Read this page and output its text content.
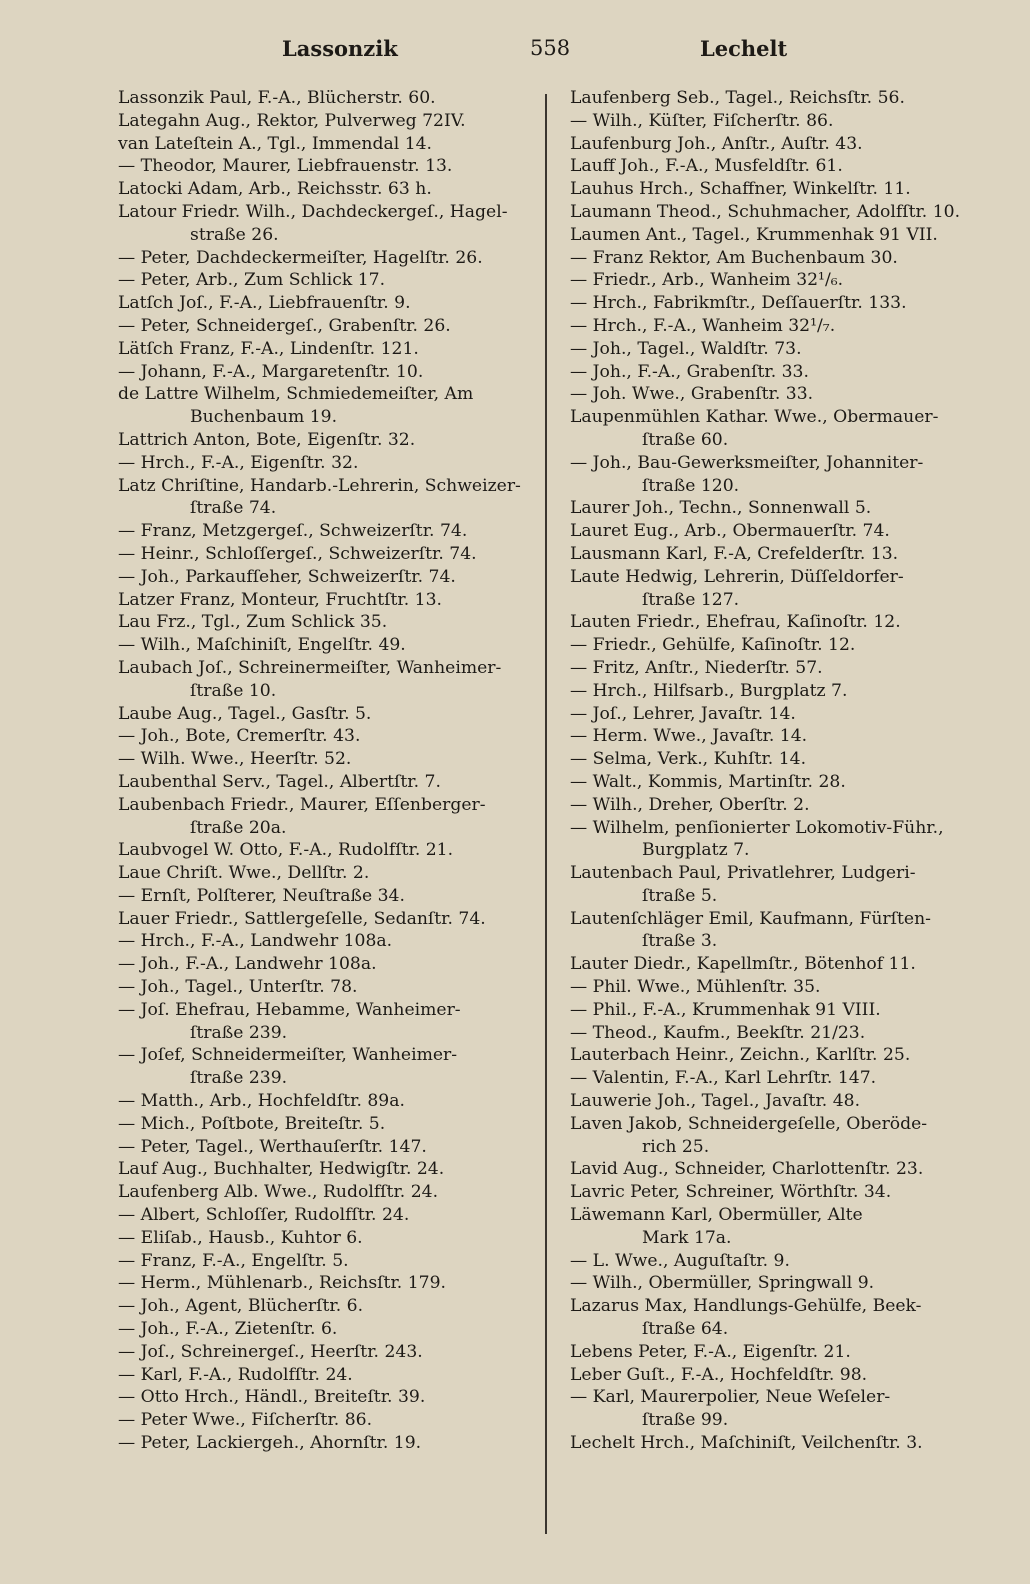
Lassonzik	558	Lechelt

Lassonzik Paul, F.-A., Blücherstr. 60.

Lategahn Aug., Rektor, Pulverweg 72IV.

van Lateſtein A., Tgl., Immendal 14.

— Theodor, Maurer, Liebfrauenstr. 13.

Latocki Adam, Arb., Reichsstr. 63 h.

Latour Friedr. Wilh., Dachdeckergeſ., Hagel-

straße 26.

— Peter, Dachdeckermeiſter, Hagelſtr. 26.

— Peter, Arb., Zum Schlick 17.

Latſch Joſ., F.-A., Liebfrauenſtr. 9.

— Peter, Schneidergeſ., Grabenſtr. 26.

Lätſch Franz, F.-A., Lindenſtr. 121.

— Johann, F.-A., Margaretenſtr. 10.

de Lattre Wilhelm, Schmiedemeiſter, Am

Buchenbaum 19.

Lattrich Anton, Bote, Eigenſtr. 32.

— Hrch., F.-A., Eigenſtr. 32.

Latz Chriſtine, Handarb.-Lehrerin, Schweizer-

ſtraße 74.

— Franz, Metzgergeſ., Schweizerſtr. 74.

— Heinr., Schloſſergeſ., Schweizerſtr. 74.

— Joh., Parkaufſeher, Schweizerſtr. 74.

Latzer Franz, Monteur, Fruchtſtr. 13.

Lau Frz., Tgl., Zum Schlick 35.

— Wilh., Maſchiniſt, Engelſtr. 49.

Laubach Joſ., Schreinermeiſter, Wanheimer-

ſtraße 10.

Laube Aug., Tagel., Gasſtr. 5.

— Joh., Bote, Cremerſtr. 43.

— Wilh. Wwe., Heerſtr. 52.

Laubenthal Serv., Tagel., Albertſtr. 7.

Laubenbach Friedr., Maurer, Eſſenberger-

ſtraße 20a.

Laubvogel W. Otto, F.-A., Rudolfſtr. 21.

Laue Chriſt. Wwe., Dellſtr. 2.

— Ernſt, Polſterer, Neuſtraße 34.

Lauer Friedr., Sattlergeſelle, Sedanſtr. 74.

— Hrch., F.-A., Landwehr 108a.

— Joh., F.-A., Landwehr 108a.

— Joh., Tagel., Unterſtr. 78.

— Joſ. Ehefrau, Hebamme, Wanheimer-

ſtraße 239.

— Joſef, Schneidermeiſter, Wanheimer-

ſtraße 239.

— Matth., Arb., Hochfeldſtr. 89a.

— Mich., Poſtbote, Breiteſtr. 5.

— Peter, Tagel., Werthauſerſtr. 147.

Lauf Aug., Buchhalter, Hedwigſtr. 24.

Laufenberg Alb. Wwe., Rudolfſtr. 24.

— Albert, Schloſſer, Rudolfſtr. 24.

— Eliſab., Hausb., Kuhtor 6.

— Franz, F.-A., Engelſtr. 5.

— Herm., Mühlenarb., Reichsſtr. 179.

— Joh., Agent, Blücherſtr. 6.

— Joh., F.-A., Zietenſtr. 6.

— Joſ., Schreinergeſ., Heerſtr. 243.

— Karl, F.-A., Rudolfſtr. 24.

— Otto Hrch., Händl., Breiteſtr. 39.

— Peter Wwe., Fiſcherſtr. 86.

— Peter, Lackiergeh., Ahornſtr. 19.

Laufenberg Seb., Tagel., Reichsſtr. 56.

— Wilh., Küſter, Fiſcherſtr. 86.

Laufenburg Joh., Anſtr., Auſtr. 43.

Lauff Joh., F.-A., Musfeldſtr. 61.

Lauhus Hrch., Schaffner, Winkelſtr. 11.

Laumann Theod., Schuhmacher, Adolfſtr. 10.

Laumen Ant., Tagel., Krummenhak 91 VII.

— Franz Rektor, Am Buchenbaum 30.

— Friedr., Arb., Wanheim 32¹/₆.

— Hrch., Fabrikmſtr., Deſſauerſtr. 133.

— Hrch., F.-A., Wanheim 32¹/₇.

— Joh., Tagel., Waldſtr. 73.

— Joh., F.-A., Grabenſtr. 33.

— Joh. Wwe., Grabenſtr. 33.

Laupenmühlen Kathar. Wwe., Obermauer-

ſtraße 60.

— Joh., Bau-Gewerksmeiſter, Johanniter-

ſtraße 120.

Laurer Joh., Techn., Sonnenwall 5.

Lauret Eug., Arb., Obermauerſtr. 74.

Lausmann Karl, F.-A, Crefelderſtr. 13.

Laute Hedwig, Lehrerin, Düſſeldorfer-

ſtraße 127.

Lauten Friedr., Ehefrau, Kaſinoſtr. 12.

— Friedr., Gehülfe, Kaſinoſtr. 12.

— Fritz, Anſtr., Niederſtr. 57.

— Hrch., Hilfsarb., Burgplatz 7.

— Joſ., Lehrer, Javaſtr. 14.

— Herm. Wwe., Javaſtr. 14.

— Selma, Verk., Kuhſtr. 14.

— Walt., Kommis, Martinſtr. 28.

— Wilh., Dreher, Oberſtr. 2.

— Wilhelm, penſionierter Lokomotiv-Führ.,

Burgplatz 7.

Lautenbach Paul, Privatlehrer, Ludgeri-

ſtraße 5.

Lautenſchläger Emil, Kaufmann, Fürſten-

ſtraße 3.

Lauter Diedr., Kapellmſtr., Bötenhof 11.

— Phil. Wwe., Mühlenſtr. 35.

— Phil., F.-A., Krummenhak 91 VIII.

— Theod., Kaufm., Beekſtr. 21/23.

Lauterbach Heinr., Zeichn., Karlſtr. 25.

— Valentin, F.-A., Karl Lehrſtr. 147.

Lauwerie Joh., Tagel., Javaſtr. 48.

Laven Jakob, Schneidergeſelle, Oberöde-

rich 25.

Lavid Aug., Schneider, Charlottenſtr. 23.

Lavric Peter, Schreiner, Wörthſtr. 34.

Läwemann Karl, Obermüller, Alte

Mark 17a.

— L. Wwe., Auguſtaſtr. 9.

— Wilh., Obermüller, Springwall 9.

Lazarus Max, Handlungs-Gehülfe, Beek-

ſtraße 64.

Lebens Peter, F.-A., Eigenſtr. 21.

Leber Guſt., F.-A., Hochfeldſtr. 98.

— Karl, Maurerpolier, Neue Weſeler-

ſtraße 99.

Lechelt Hrch., Maſchiniſt, Veilchenſtr. 3.
